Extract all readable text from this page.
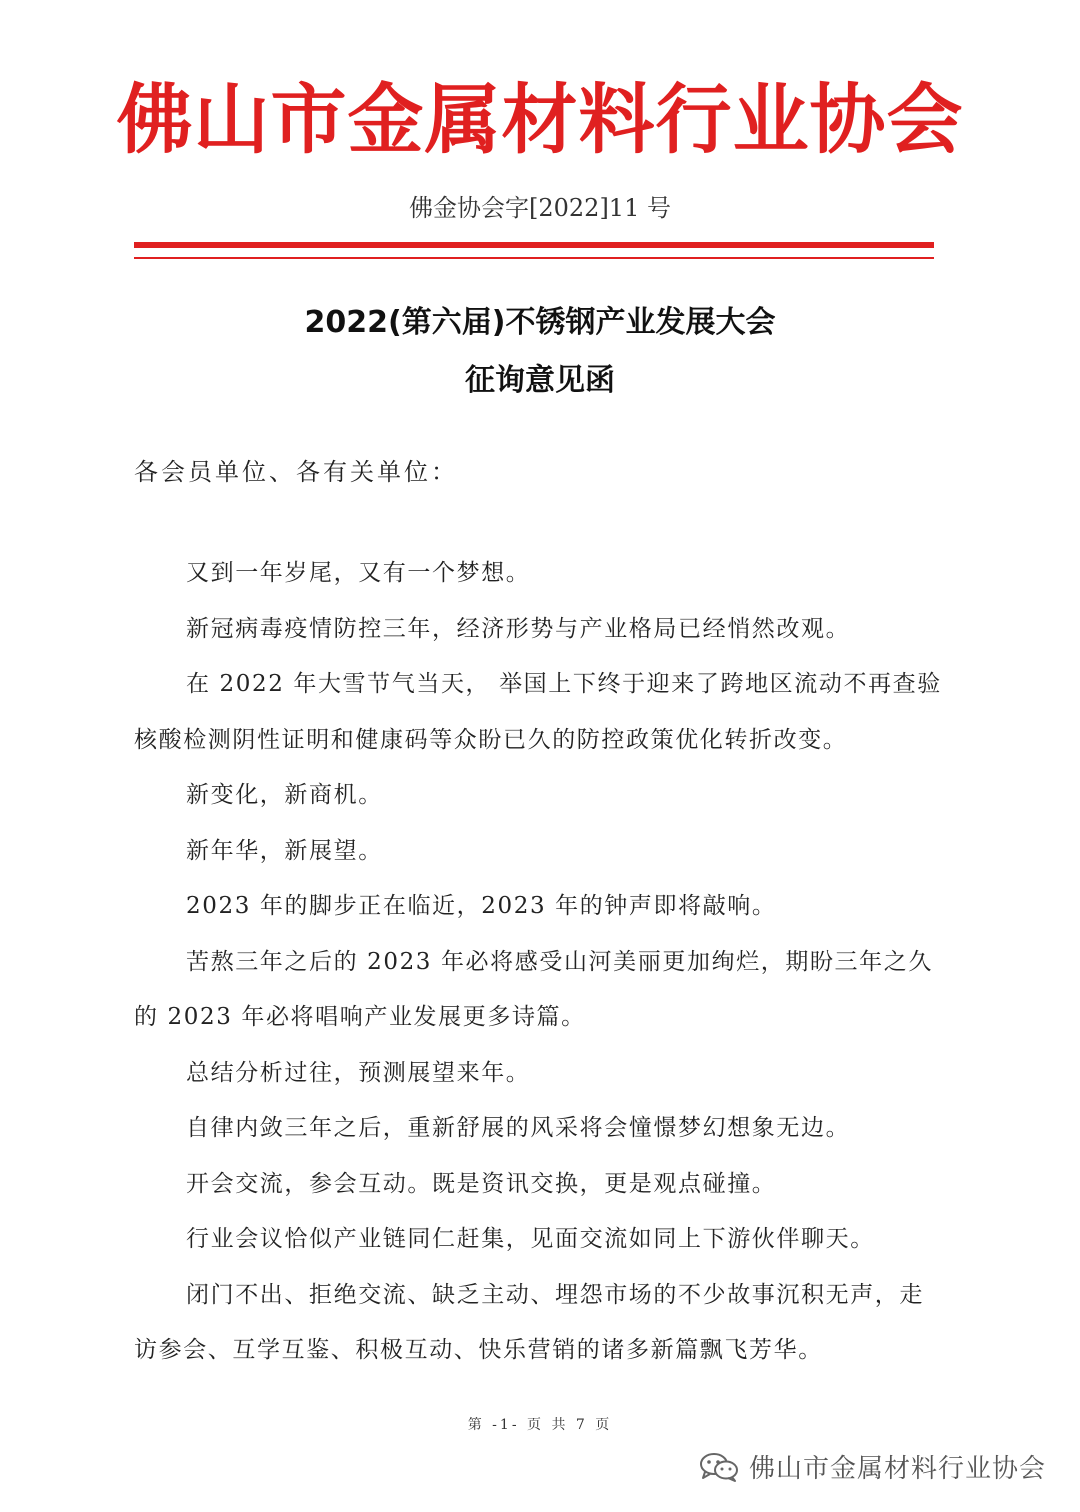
佛山市金属材料行业协会
佛金协会字[2022]11 号
2022(第六届)不锈钢产业发展大会
征询意见函
各会员单位、各有关单位：

又到一年岁尾，又有一个梦想。

新冠病毒疫情防控三年，经济形势与产业格局已经悄然改观。

在 2022 年大雪节气当天， 举国上下终于迎来了跨地区流动不再查验核酸检测阴性证明和健康码等众盼已久的防控政策优化转折改变。

新变化，新商机。

新年华，新展望。

2023 年的脚步正在临近，2023 年的钟声即将敲响。

苦熬三年之后的 2023 年必将感受山河美丽更加绚烂，期盼三年之久的 2023 年必将唱响产业发展更多诗篇。

总结分析过往，预测展望来年。

自律内敛三年之后，重新舒展的风采将会憧憬梦幻想象无边。

开会交流，参会互动。既是资讯交换，更是观点碰撞。

行业会议恰似产业链同仁赶集，见面交流如同上下游伙伴聊天。

闭门不出、拒绝交流、缺乏主动、埋怨市场的不少故事沉积无声，走访参会、互学互鉴、积极互动、快乐营销的诸多新篇飘飞芳华。

第 -1- 页 共 7 页
佛山市金属材料行业协会
